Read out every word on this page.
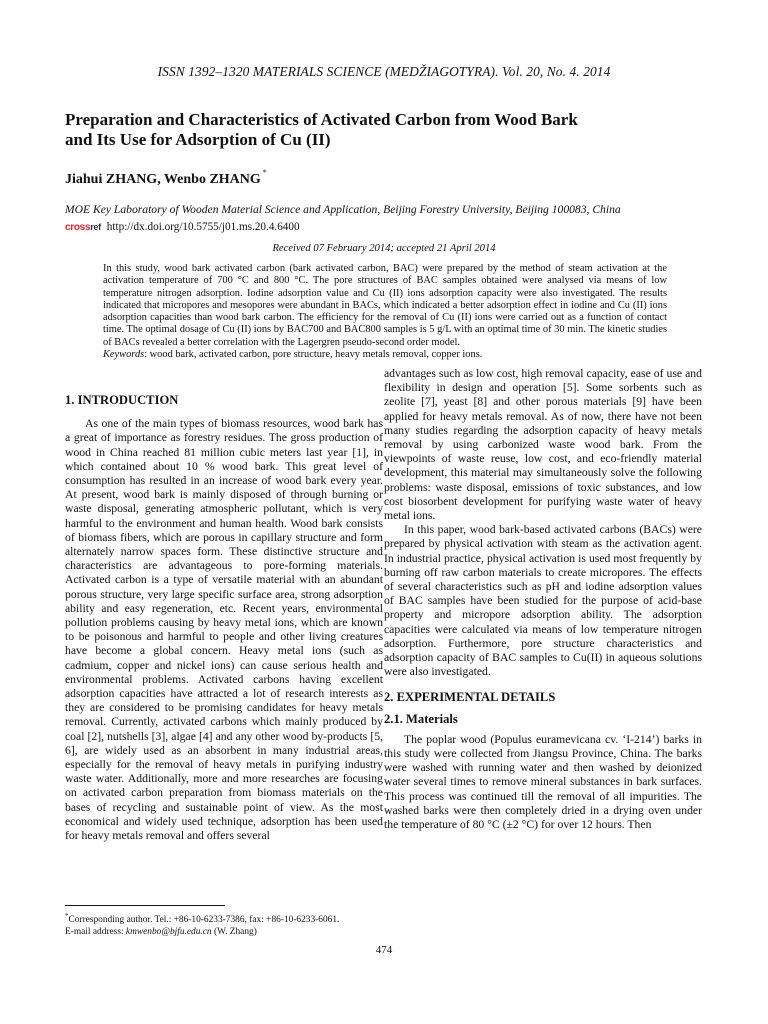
ISSN 1392–1320 MATERIALS SCIENCE (MEDŽIAGOTYRA). Vol. 20, No. 4. 2014
Preparation and Characteristics of Activated Carbon from Wood Bark
and Its Use for Adsorption of Cu (II)
Jiahui ZHANG, Wenbo ZHANG *
MOE Key Laboratory of Wooden Material Science and Application, Beijing Forestry University, Beijing 100083, China
cross ref http://dx.doi.org/10.5755/j01.ms.20.4.6400
Received 07 February 2014; accepted 21 April 2014
In this study, wood bark activated carbon (bark activated carbon, BAC) were prepared by the method of steam activation at the activation temperature of 700 °C and 800 °C. The pore structures of BAC samples obtained were analysed via means of low temperature nitrogen adsorption. Iodine adsorption value and Cu (II) ions adsorption capacity were also investigated. The results indicated that micropores and mesopores were abundant in BACs, which indicated a better adsorption effect in iodine and Cu (II) ions adsorption capacities than wood bark carbon. The efficiency for the removal of Cu (II) ions were carried out as a function of contact time. The optimal dosage of Cu (II) ions by BAC700 and BAC800 samples is 5 g/L with an optimal time of 30 min. The kinetic studies of BACs revealed a better correlation with the Lagergren pseudo-second order model.
Keywords: wood bark, activated carbon, pore structure, heavy metals removal, copper ions.
1. INTRODUCTION

As one of the main types of biomass resources, wood bark has a great of importance as forestry residues. The gross production of wood in China reached 81 million cubic meters last year [1], in which contained about 10 % wood bark. This great level of consumption has resulted in an increase of wood bark every year. At present, wood bark is mainly disposed of through burning or waste disposal, generating atmospheric pollutant, which is very harmful to the environment and human health. Wood bark consists of biomass fibers, which are porous in capillary structure and form alternately narrow spaces form. These distinctive structure and characteristics are advantageous to pore-forming materials. Activated carbon is a type of versatile material with an abundant porous structure, very large specific surface area, strong adsorption ability and easy regeneration, etc. Recent years, environmental pollution problems causing by heavy metal ions, which are known to be poisonous and harmful to people and other living creatures have become a global concern. Heavy metal ions (such as cadmium, copper and nickel ions) can cause serious health and environmental problems. Activated carbons having excellent adsorption capacities have attracted a lot of research interests as they are considered to be promising candidates for heavy metals removal. Currently, activated carbons which mainly produced by coal [2], nutshells [3], algae [4] and any other wood by-products [5, 6], are widely used as an absorbent in many industrial areas, especially for the removal of heavy metals in purifying industry waste water. Additionally, more and more researches are focusing on activated carbon preparation from biomass materials on the bases of recycling and sustainable point of view. As the most economical and widely used technique, adsorption has been used for heavy metals removal and offers several

advantages such as low cost, high removal capacity, ease of use and flexibility in design and operation [5]. Some sorbents such as zeolite [7], yeast [8] and other porous materials [9] have been applied for heavy metals removal. As of now, there have not been many studies regarding the adsorption capacity of heavy metals removal by using carbonized waste wood bark. From the viewpoints of waste reuse, low cost, and eco-friendly material development, this material may simultaneously solve the following problems: waste disposal, emissions of toxic substances, and low cost biosorbent development for purifying waste water of heavy metal ions.

In this paper, wood bark-based activated carbons (BACs) were prepared by physical activation with steam as the activation agent. In industrial practice, physical activation is used most frequently by burning off raw carbon materials to create micropores. The effects of several characteristics such as pH and iodine adsorption values of BAC samples have been studied for the purpose of acid-base property and micropore adsorption ability. The adsorption capacities were calculated via means of low temperature nitrogen adsorption. Furthermore, pore structure characteristics and adsorption capacity of BAC samples to Cu(II) in aqueous solutions were also investigated.

2. EXPERIMENTAL DETAILS
2.1. Materials

The poplar wood (Populus euramevicana cv. ‘I-214’) barks in this study were collected from Jiangsu Province, China. The barks were washed with running water and then washed by deionized water several times to remove mineral substances in bark surfaces. This process was continued till the removal of all impurities. The washed barks were then completely dried in a drying oven under the temperature of 80 °C (±2 °C) for over 12 hours. Then

*Corresponding author. Tel.: +86-10-6233-7386, fax: +86-10-6233-6061.
E-mail address: kmwenbo@bjfu.edu.cn (W. Zhang)
474
